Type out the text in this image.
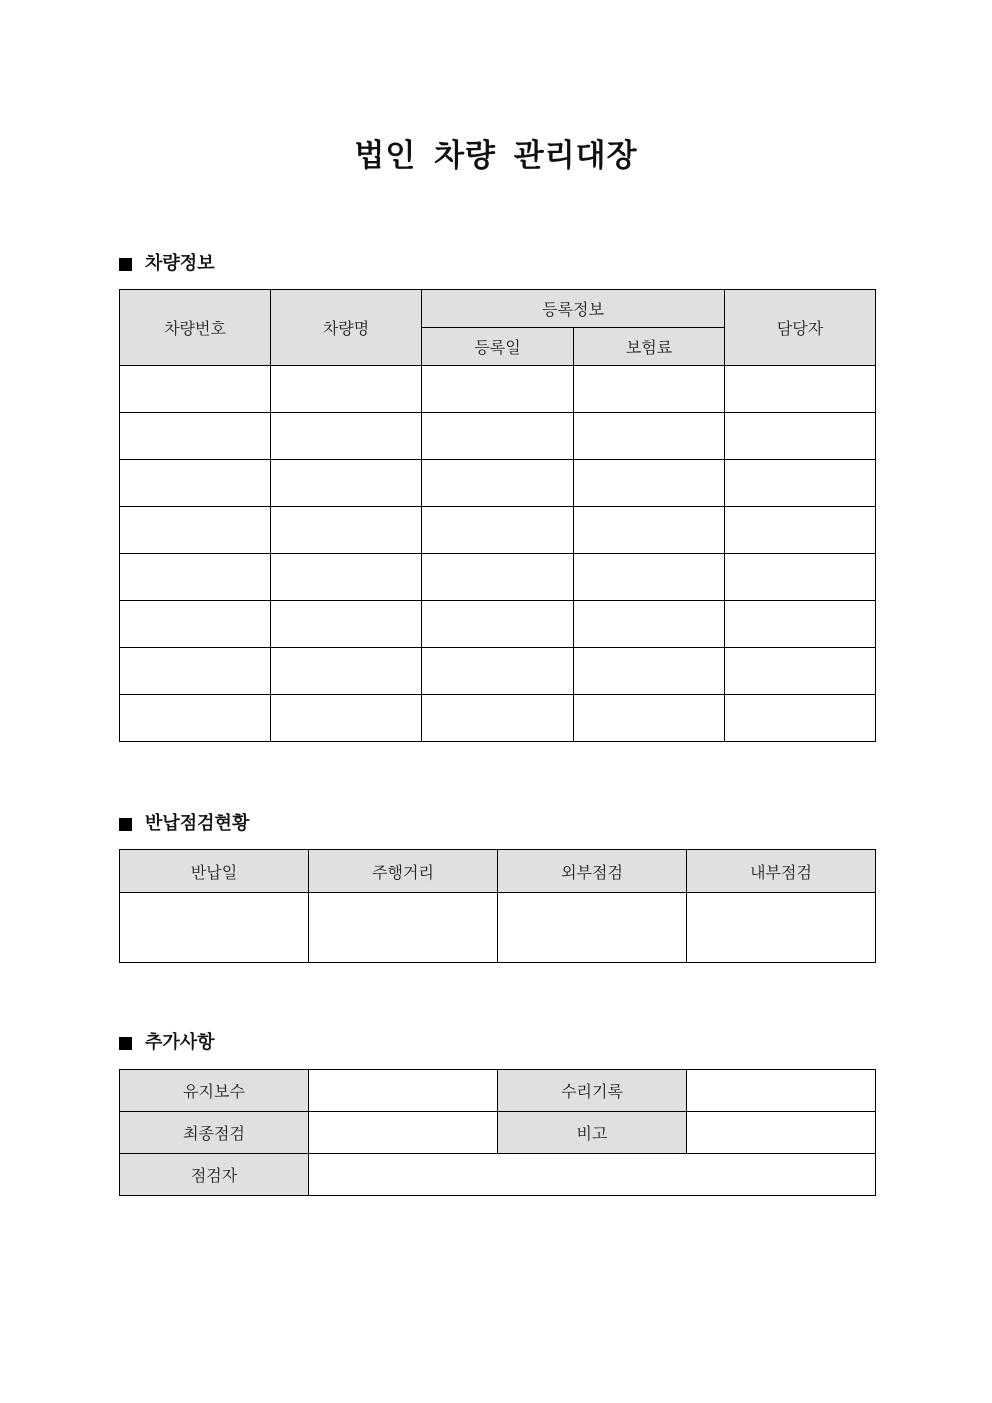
법인 차량 관리대장
차량정보
차량번호	차량명	등록정보		담당자
		등록일	보험료	

반납점검현황
반납일	주행거리	외부점검	내부점검

추가사항
유지보수		수리기록	
최종점검		비고	
점검자			
